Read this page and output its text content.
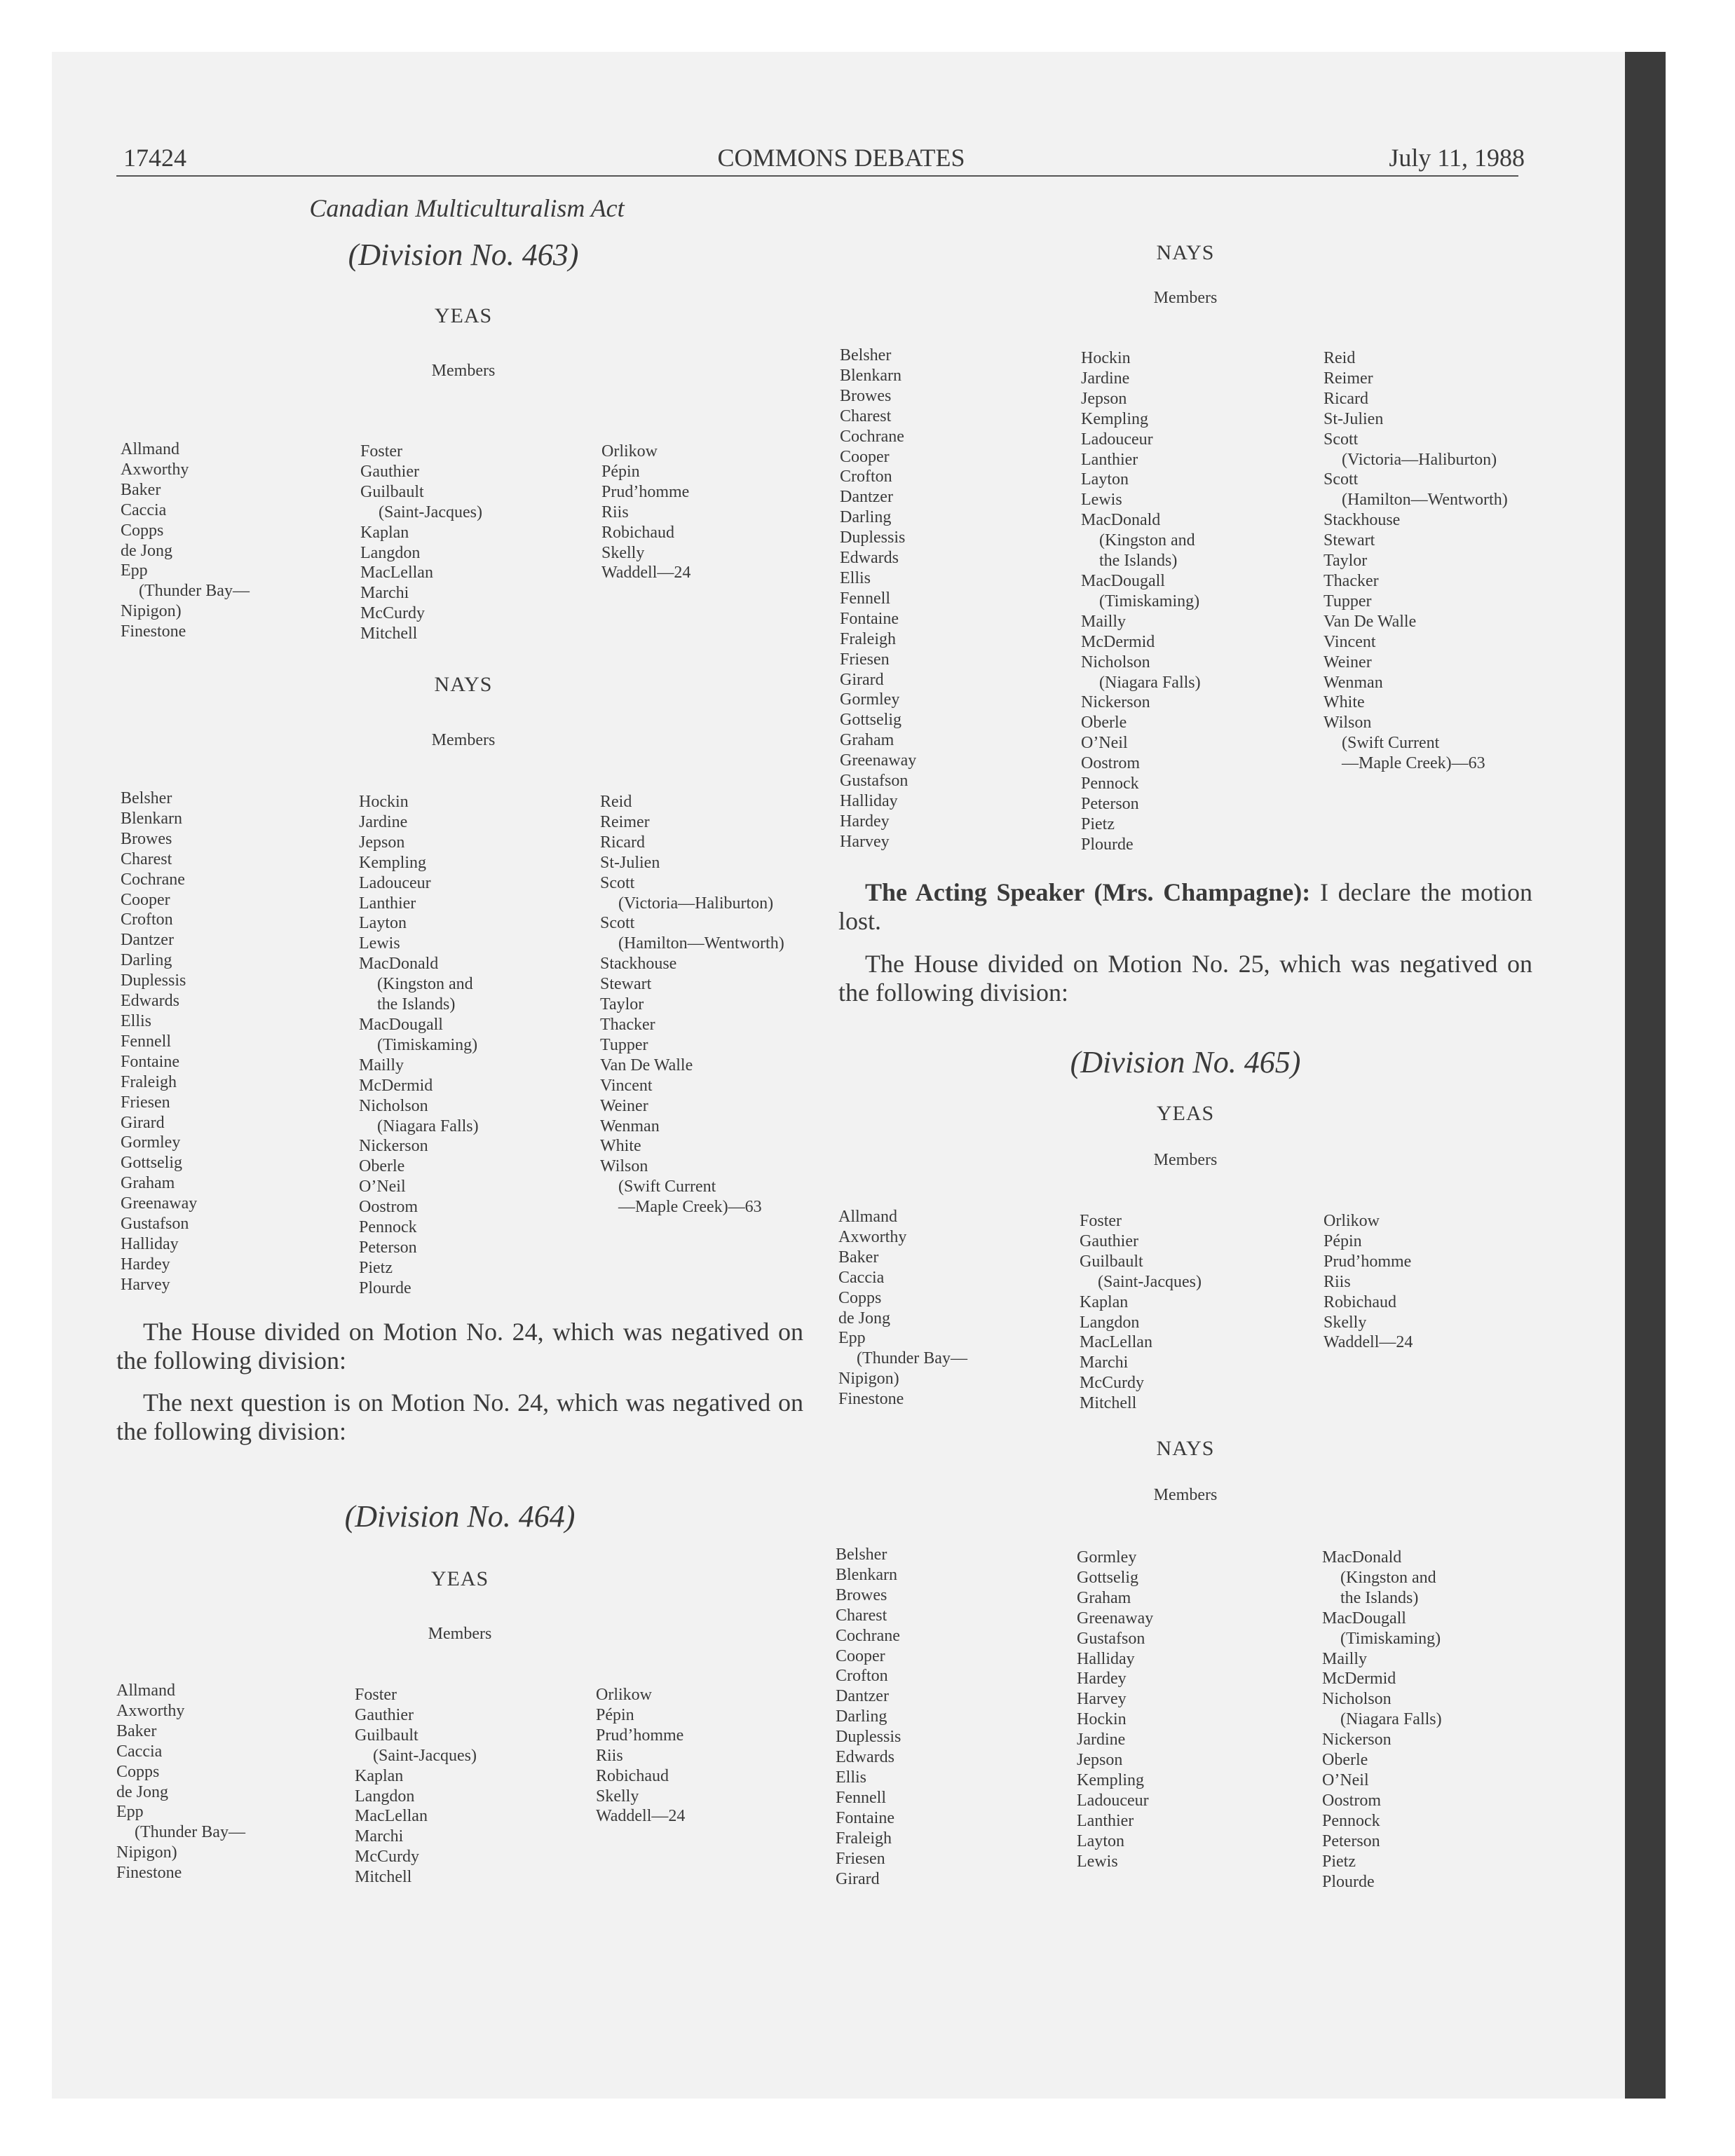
17424	COMMONS DEBATES	July 11, 1988
Canadian Multiculturalism Act
(Division No. 463)
YEAS
Members
Allmand
Axworthy
Baker
Caccia
Copps
de Jong
Epp
(Thunder Bay—
Nipigon)
Finestone
Foster
Gauthier
Guilbault
(Saint-Jacques)
Kaplan
Langdon
MacLellan
Marchi
McCurdy
Mitchell
Orlikow
Pépin
Prud’homme
Riis
Robichaud
Skelly
Waddell—24
NAYS
Members
Belsher
Blenkarn
Browes
Charest
Cochrane
Cooper
Crofton
Dantzer
Darling
Duplessis
Edwards
Ellis
Fennell
Fontaine
Fraleigh
Friesen
Girard
Gormley
Gottselig
Graham
Greenaway
Gustafson
Halliday
Hardey
Harvey
Hockin
Jardine
Jepson
Kempling
Ladouceur
Lanthier
Layton
Lewis
MacDonald
(Kingston and
the Islands)
MacDougall
(Timiskaming)
Mailly
McDermid
Nicholson
(Niagara Falls)
Nickerson
Oberle
O’Neil
Oostrom
Pennock
Peterson
Pietz
Plourde
Reid
Reimer
Ricard
St-Julien
Scott
(Victoria—Haliburton)
Scott
(Hamilton—Wentworth)
Stackhouse
Stewart
Taylor
Thacker
Tupper
Van De Walle
Vincent
Weiner
Wenman
White
Wilson
(Swift Current
—Maple Creek)—63
The House divided on Motion No. 24, which was negatived on the following division:
The next question is on Motion No. 24, which was negatived on the following division:
(Division No. 464)
YEAS
Members
Allmand
Axworthy
Baker
Caccia
Copps
de Jong
Epp
(Thunder Bay—
Nipigon)
Finestone
Foster
Gauthier
Guilbault
(Saint-Jacques)
Kaplan
Langdon
MacLellan
Marchi
McCurdy
Mitchell
Orlikow
Pépin
Prud’homme
Riis
Robichaud
Skelly
Waddell—24
NAYS
Members
Belsher
Blenkarn
Browes
Charest
Cochrane
Cooper
Crofton
Dantzer
Darling
Duplessis
Edwards
Ellis
Fennell
Fontaine
Fraleigh
Friesen
Girard
Gormley
Gottselig
Graham
Greenaway
Gustafson
Halliday
Hardey
Harvey
Hockin
Jardine
Jepson
Kempling
Ladouceur
Lanthier
Layton
Lewis
MacDonald
(Kingston and
the Islands)
MacDougall
(Timiskaming)
Mailly
McDermid
Nicholson
(Niagara Falls)
Nickerson
Oberle
O’Neil
Oostrom
Pennock
Peterson
Pietz
Plourde
Reid
Reimer
Ricard
St-Julien
Scott
(Victoria—Haliburton)
Scott
(Hamilton—Wentworth)
Stackhouse
Stewart
Taylor
Thacker
Tupper
Van De Walle
Vincent
Weiner
Wenman
White
Wilson
(Swift Current
—Maple Creek)—63
The Acting Speaker (Mrs. Champagne): I declare the motion lost.
The House divided on Motion No. 25, which was negatived on the following division:
(Division No. 465)
YEAS
Members
Allmand
Axworthy
Baker
Caccia
Copps
de Jong
Epp
(Thunder Bay—
Nipigon)
Finestone
Foster
Gauthier
Guilbault
(Saint-Jacques)
Kaplan
Langdon
MacLellan
Marchi
McCurdy
Mitchell
Orlikow
Pépin
Prud’homme
Riis
Robichaud
Skelly
Waddell—24
NAYS
Members
Belsher
Blenkarn
Browes
Charest
Cochrane
Cooper
Crofton
Dantzer
Darling
Duplessis
Edwards
Ellis
Fennell
Fontaine
Fraleigh
Friesen
Girard
Gormley
Gottselig
Graham
Greenaway
Gustafson
Halliday
Hardey
Harvey
Hockin
Jardine
Jepson
Kempling
Ladouceur
Lanthier
Layton
Lewis
MacDonald
(Kingston and
the Islands)
MacDougall
(Timiskaming)
Mailly
McDermid
Nicholson
(Niagara Falls)
Nickerson
Oberle
O’Neil
Oostrom
Pennock
Peterson
Pietz
Plourde
